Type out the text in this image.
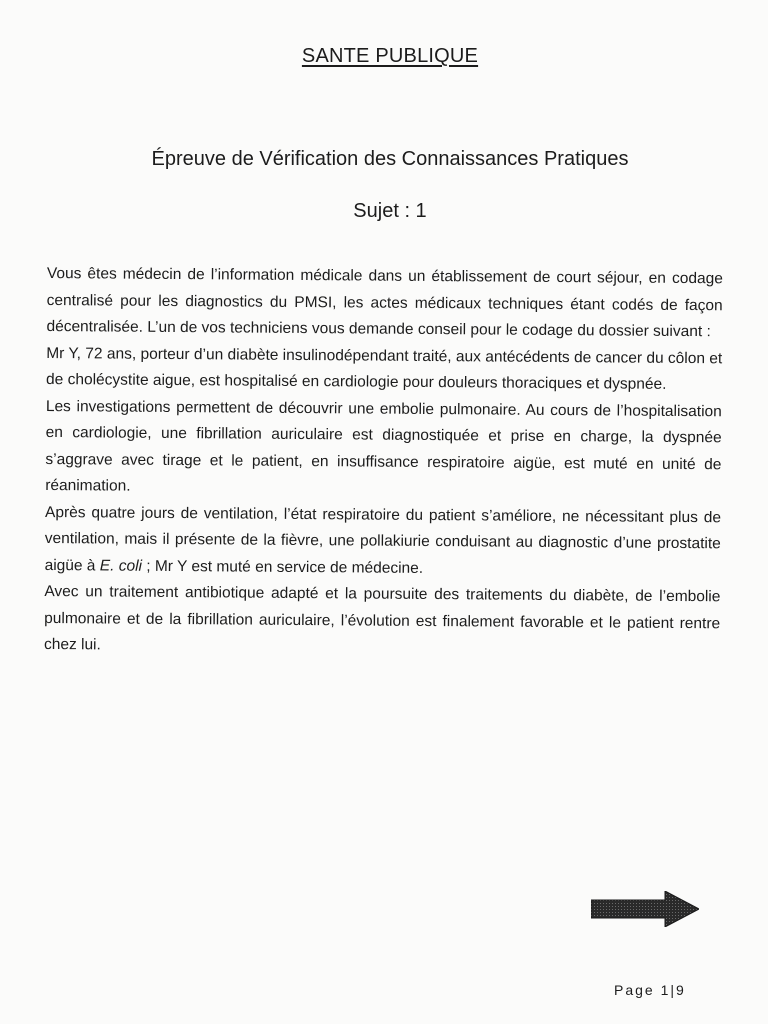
SANTE PUBLIQUE
Épreuve de Vérification des Connaissances Pratiques
Sujet : 1

Vous êtes médecin de l’information médicale dans un établissement de court séjour, en codage centralisé pour les diagnostics du PMSI, les actes médicaux techniques étant codés de façon décentralisée. L’un de vos techniciens vous demande conseil pour le codage du dossier suivant :

Mr Y, 72 ans, porteur d’un diabète insulinodépendant traité, aux antécédents de cancer du côlon et de cholécystite aigue, est hospitalisé en cardiologie pour douleurs thoraciques et dyspnée.

Les investigations permettent de découvrir une embolie pulmonaire. Au cours de l’hospitalisation en cardiologie, une fibrillation auriculaire est diagnostiquée et prise en charge, la dyspnée s’aggrave avec tirage et le patient, en insuffisance respiratoire aigüe, est muté en unité de réanimation.

Après quatre jours de ventilation, l’état respiratoire du patient s’améliore, ne nécessitant plus de ventilation, mais il présente de la fièvre, une pollakiurie conduisant au diagnostic d’une prostatite aigüe à E. coli ; Mr Y est muté en service de médecine.

Avec un traitement antibiotique adapté et la poursuite des traitements du diabète, de l’embolie pulmonaire et de la fibrillation auriculaire, l’évolution est finalement favorable et le patient rentre chez lui.

Page 1|9
